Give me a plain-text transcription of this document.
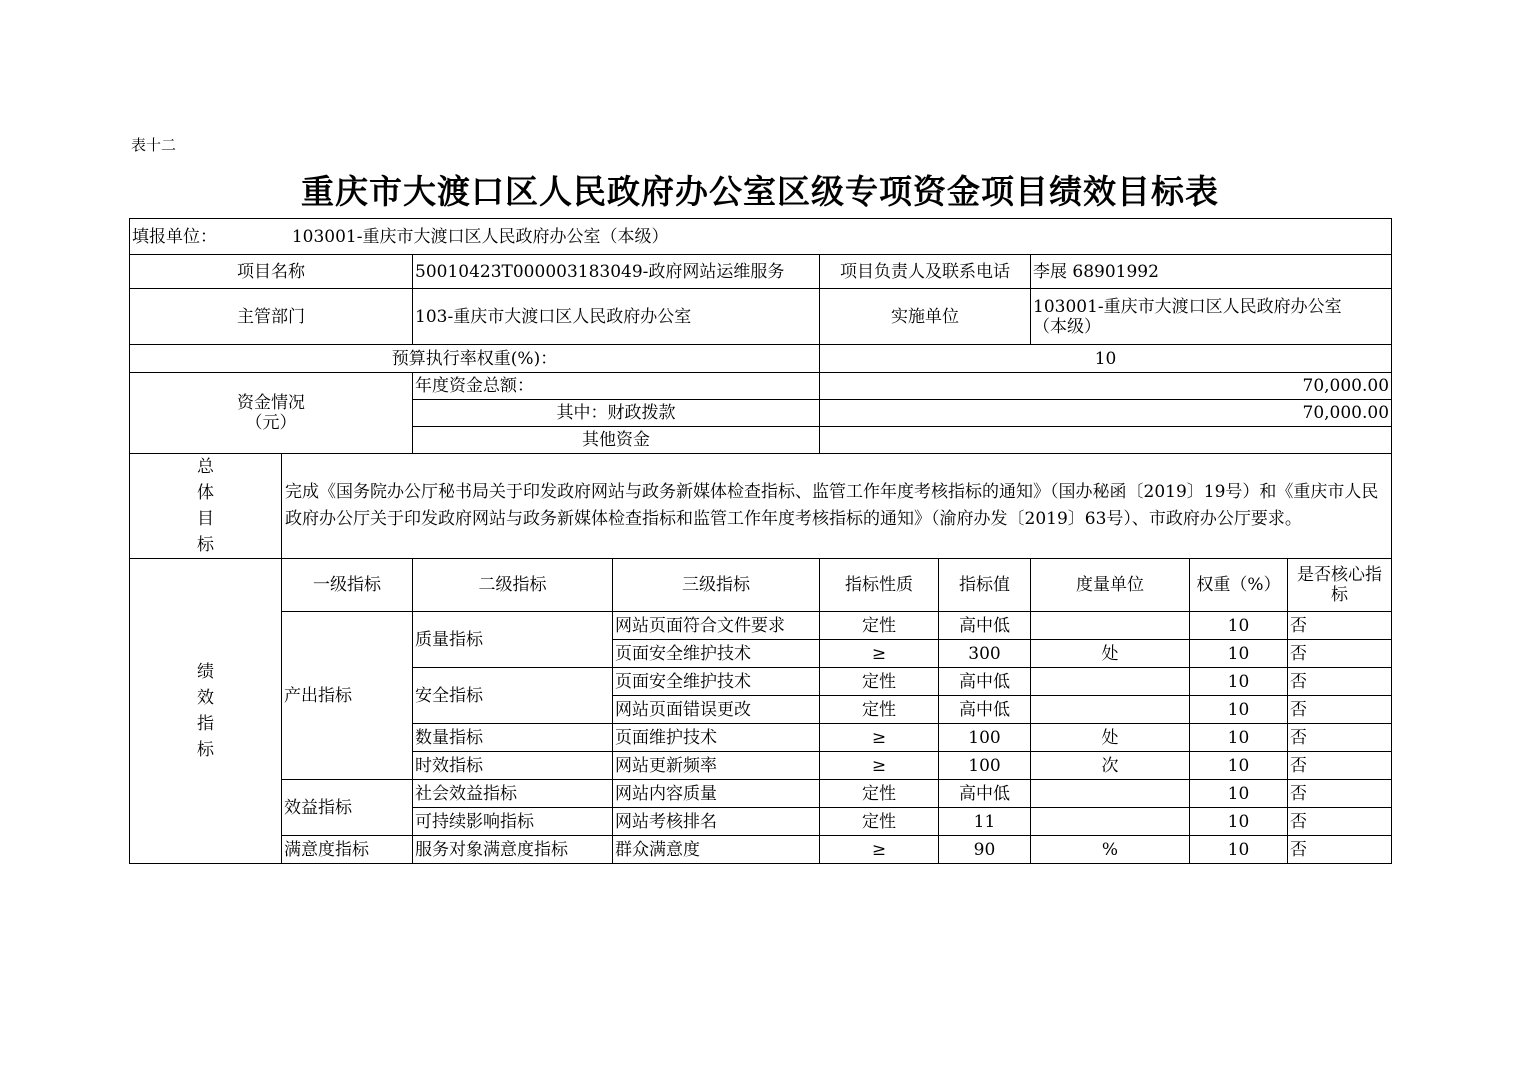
表十二
重庆市大渡口区人民政府办公室区级专项资金项目绩效目标表
填报单位： 103001-重庆市大渡口区人民政府办公室（本级）								
项目名称		50010423T000003183049-政府网站运维服务		项目负责人及联系电话		李展 68901992		
主管部门		103-重庆市大渡口区人民政府办公室		实施单位		103001-重庆市大渡口区人民政府办公室
（本级）		

预算执行率权重(%)：				10				

资金情况
（元）		年度资金总额：		70,000.00				
		其中：财政拨款		70,000.00				
		其他资金						

总
体
目
标	完成《国务院办公厅秘书局关于印发政府网站与政务新媒体检查指标、监管工作年度考核指标的通知》（国办秘函〔2019〕19号）和《重庆市人民政府办公厅关于印发政府网站与政务新媒体检查指标和监管工作年度考核指标的通知》（渝府办发〔2019〕63号）、市政府办公厅要求。							

绩
效
指
标	一级指标	二级指标	三级指标	指标性质	指标值	度量单位	权重（%）	是否核心指标
	产出指标	质量指标	网站页面符合文件要求	定性	高中低		10	否
			页面安全维护技术	≥	300	处	10	否
		安全指标	页面安全维护技术	定性	高中低		10	否
			网站页面错误更改	定性	高中低		10	否
		数量指标	页面维护技术	≥	100	处	10	否
		时效指标	网站更新频率	≥	100	次	10	否
	效益指标	社会效益指标	网站内容质量	定性	高中低		10	否
		可持续影响指标	网站考核排名	定性	11		10	否
	满意度指标	服务对象满意度指标	群众满意度	≥	90	%	10	否
